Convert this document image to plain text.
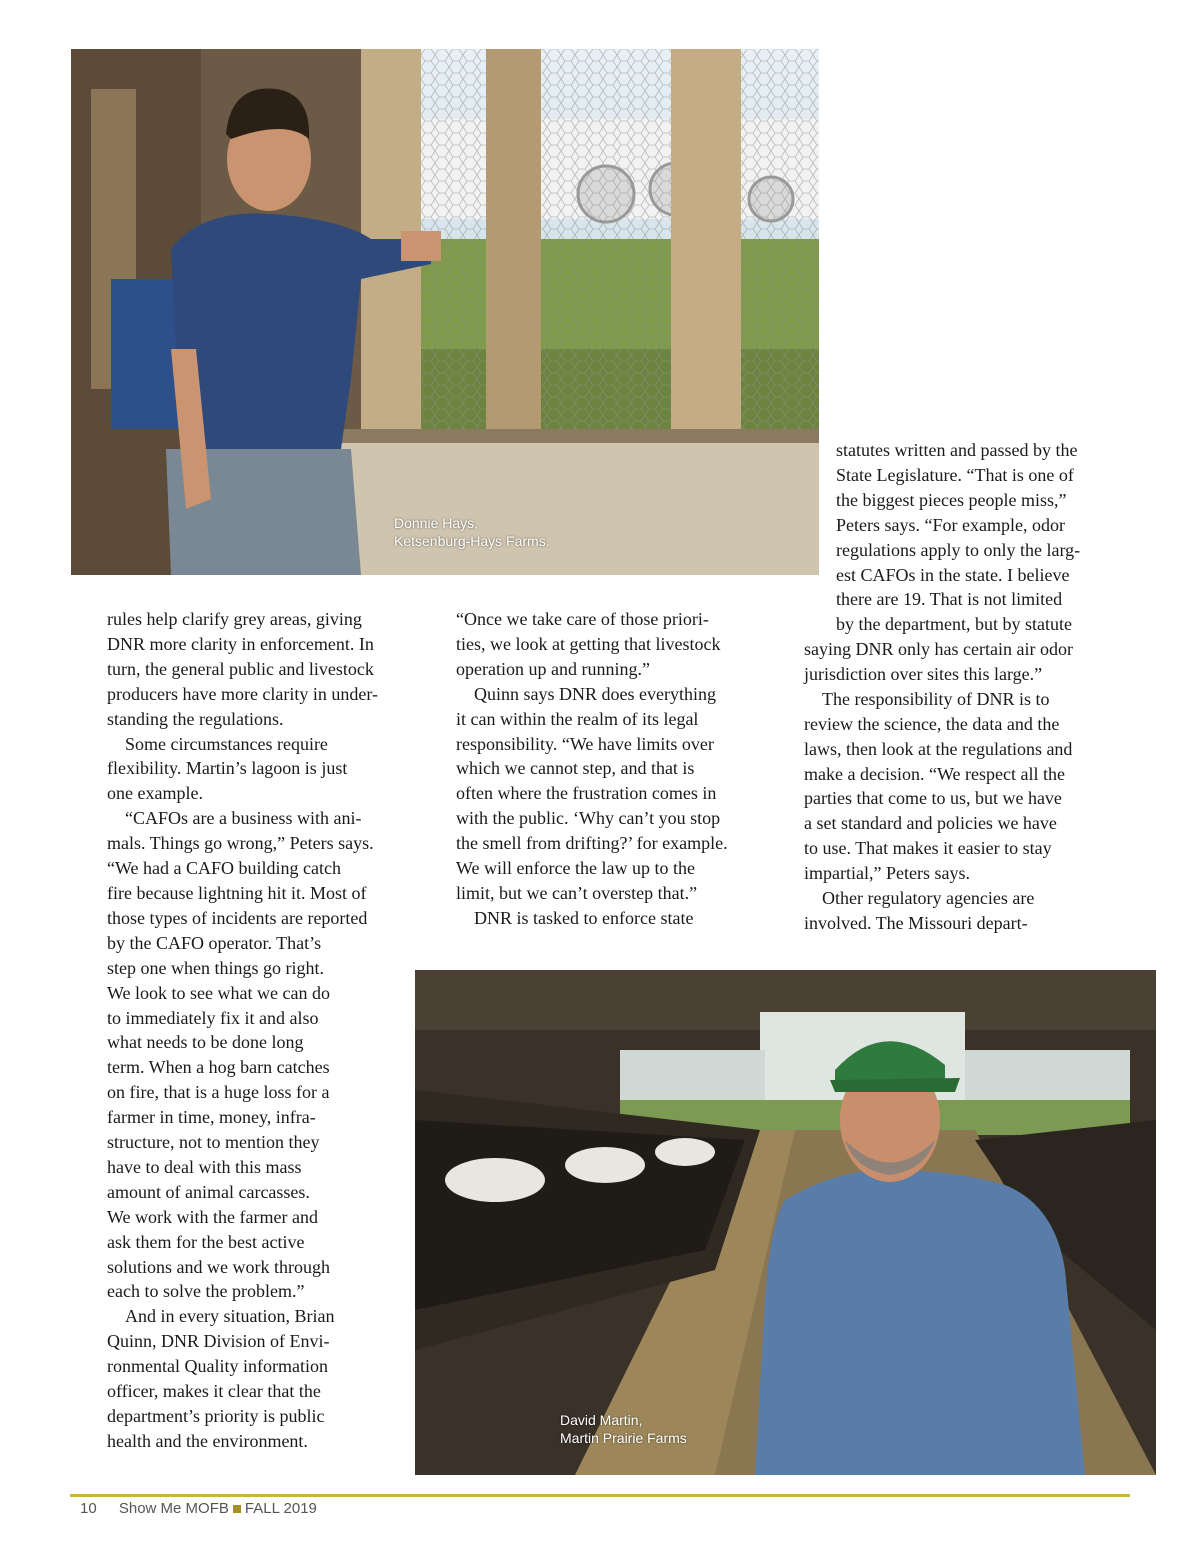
Donnie Hays,
Ketsenburg-Hays Farms.
David Martin,
Martin Prairie Farms

rules help clarify grey areas, giving
DNR more clarity in enforcement. In
turn, the general public and livestock
producers have more clarity in under-
standing the regulations.

Some circumstances require
flexibility. Martin’s lagoon is just
one example.

“CAFOs are a business with ani-
mals. Things go wrong,” Peters says.
“We had a CAFO building catch
fire because lightning hit it. Most of
those types of incidents are reported
by the CAFO operator. That’s
step one when things go right.
We look to see what we can do
to immediately fix it and also
what needs to be done long
term. When a hog barn catches
on fire, that is a huge loss for a
farmer in time, money, infra-
structure, not to mention they
have to deal with this mass
amount of animal carcasses.
We work with the farmer and
ask them for the best active
solutions and we work through
each to solve the problem.”

And in every situation, Brian
Quinn, DNR Division of Envi-
ronmental Quality information
officer, makes it clear that the
department’s priority is public
health and the environment.

“Once we take care of those priori-
ties, we look at getting that livestock
operation up and running.”

Quinn says DNR does everything
it can within the realm of its legal
responsibility. “We have limits over
which we cannot step, and that is
often where the frustration comes in
with the public. ‘Why can’t you stop
the smell from drifting?’ for example.
We will enforce the law up to the
limit, but we can’t overstep that.”

DNR is tasked to enforce state

statutes written and passed by the
State Legislature. “That is one of
the biggest pieces people miss,”
Peters says. “For example, odor
regulations apply to only the larg-
est CAFOs in the state. I believe
there are 19. That is not limited
by the department, but by statute

saying DNR only has certain air odor
jurisdiction over sites this large.”

The responsibility of DNR is to
review the science, the data and the
laws, then look at the regulations and
make a decision. “We respect all the
parties that come to us, but we have
a set standard and policies we have
to use. That makes it easier to stay
impartial,” Peters says.

Other regulatory agencies are
involved. The Missouri depart-

10 Show Me MOFB FALL 2019
